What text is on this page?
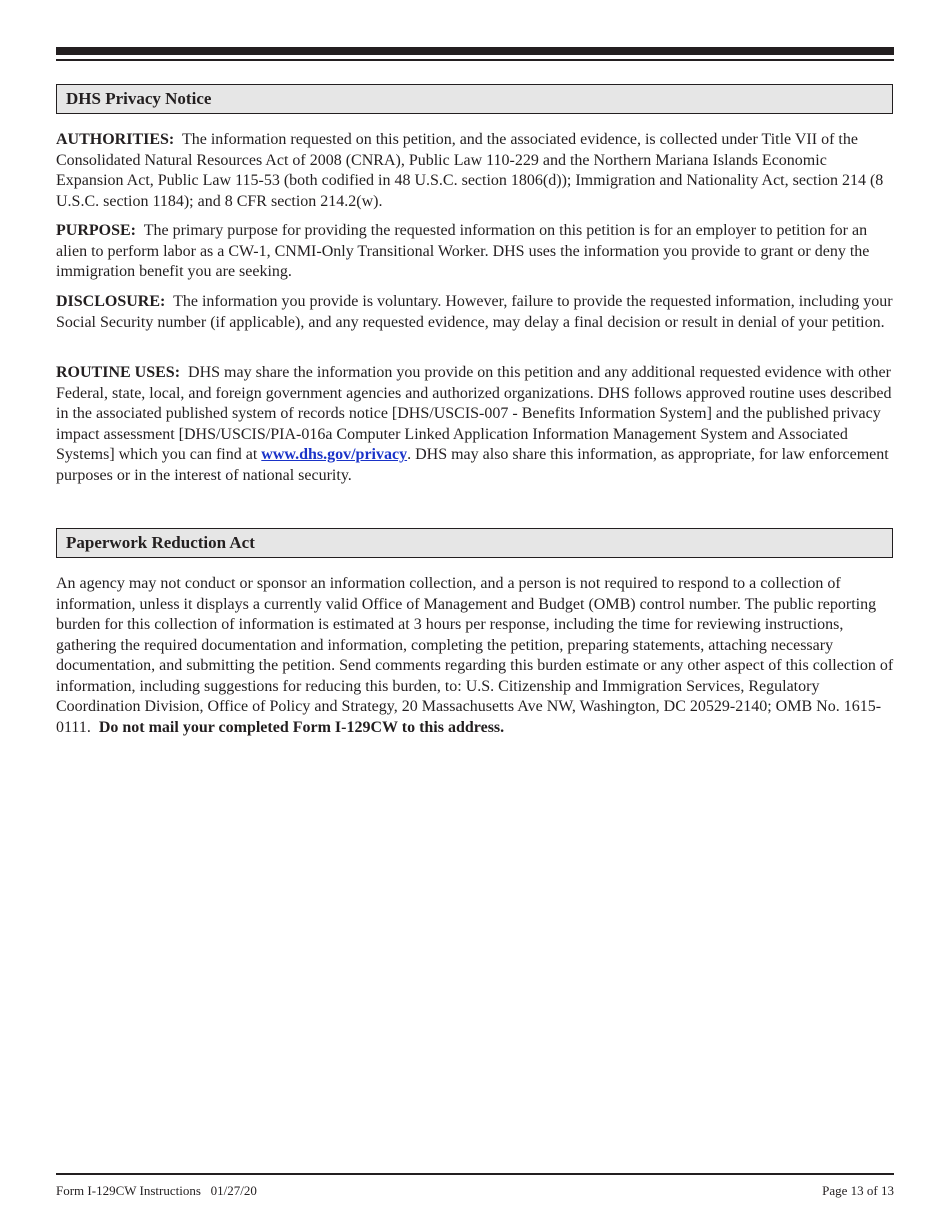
DHS Privacy Notice

AUTHORITIES: The information requested on this petition, and the associated evidence, is collected under Title VII of the Consolidated Natural Resources Act of 2008 (CNRA), Public Law 110-229 and the Northern Mariana Islands Economic Expansion Act, Public Law 115-53 (both codified in 48 U.S.C. section 1806(d)); Immigration and Nationality Act, section 214 (8 U.S.C. section 1184); and 8 CFR section 214.2(w).

PURPOSE: The primary purpose for providing the requested information on this petition is for an employer to petition for an alien to perform labor as a CW-1, CNMI-Only Transitional Worker. DHS uses the information you provide to grant or deny the immigration benefit you are seeking.

DISCLOSURE: The information you provide is voluntary. However, failure to provide the requested information, including your Social Security number (if applicable), and any requested evidence, may delay a final decision or result in denial of your petition.

ROUTINE USES: DHS may share the information you provide on this petition and any additional requested evidence with other Federal, state, local, and foreign government agencies and authorized organizations. DHS follows approved routine uses described in the associated published system of records notice [DHS/USCIS-007 - Benefits Information System] and the published privacy impact assessment [DHS/USCIS/PIA-016a Computer Linked Application Information Management System and Associated Systems] which you can find at www.dhs.gov/privacy. DHS may also share this information, as appropriate, for law enforcement purposes or in the interest of national security.

Paperwork Reduction Act

An agency may not conduct or sponsor an information collection, and a person is not required to respond to a collection of information, unless it displays a currently valid Office of Management and Budget (OMB) control number. The public reporting burden for this collection of information is estimated at 3 hours per response, including the time for reviewing instructions, gathering the required documentation and information, completing the petition, preparing statements, attaching necessary documentation, and submitting the petition. Send comments regarding this burden estimate or any other aspect of this collection of information, including suggestions for reducing this burden, to: U.S. Citizenship and Immigration Services, Regulatory Coordination Division, Office of Policy and Strategy, 20 Massachusetts Ave NW, Washington, DC 20529-2140; OMB No. 1615-0111. Do not mail your completed Form I-129CW to this address.

Form I-129CW Instructions   01/27/20	Page 13 of 13
